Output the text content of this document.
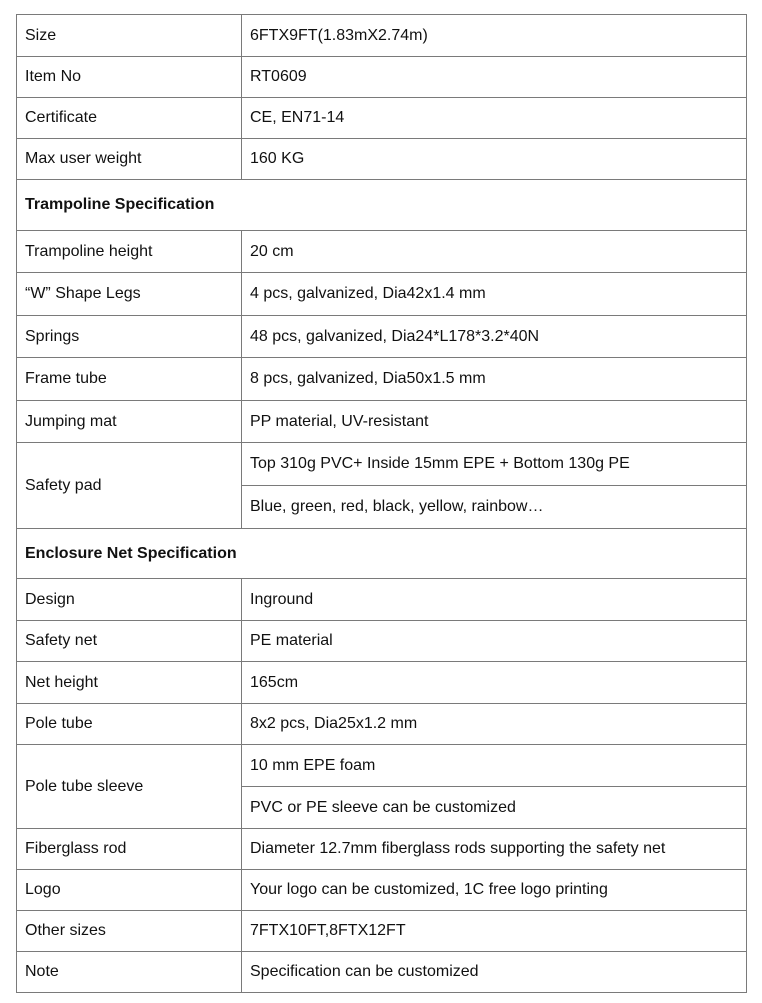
Size	6FTX9FT(1.83mX2.74m)
Item No	RT0609
Certificate	CE, EN71-14
Max user weight	160 KG
Trampoline Specification	
Trampoline height	20 cm
“W” Shape Legs	4 pcs, galvanized, Dia42x1.4 mm
Springs	48 pcs, galvanized, Dia24*L178*3.2*40N
Frame tube	8 pcs, galvanized, Dia50x1.5 mm
Jumping mat	PP material, UV-resistant
Safety pad	Top 310g PVC+ Inside 15mm EPE + Bottom 130g PE
	Blue, green, red, black, yellow, rainbow…
Enclosure Net Specification	
Design	Inground
Safety net	PE material
Net height	165cm
Pole tube	8x2 pcs, Dia25x1.2 mm
Pole tube sleeve	10 mm EPE foam
	PVC or PE sleeve can be customized
Fiberglass rod	Diameter 12.7mm fiberglass rods supporting the safety net
Logo	Your logo can be customized, 1C free logo printing
Other sizes	7FTX10FT,8FTX12FT
Note	Specification can be customized
